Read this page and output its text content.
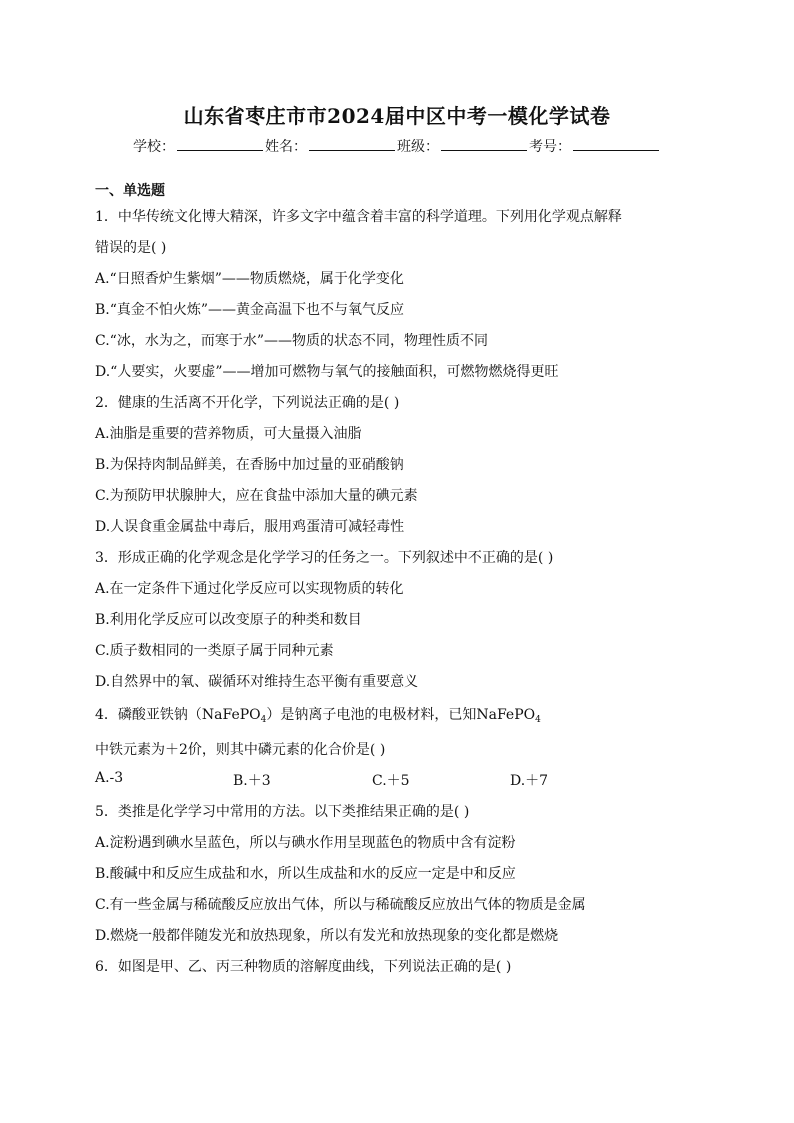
山东省枣庄市市2024届中区中考一模化学试卷
学校：	姓名：	班级：	考号：
一、单选题
1．中华传统文化博大精深，许多文字中蕴含着丰富的科学道理。下列用化学观点解释
错误的是( )
A.“日照香炉生紫烟”——物质燃烧，属于化学变化
B.“真金不怕火炼”——黄金高温下也不与氧气反应
C.“冰，水为之，而寒于水”——物质的状态不同，物理性质不同
D.“人要实，火要虚”——增加可燃物与氧气的接触面积，可燃物燃烧得更旺
2．健康的生活离不开化学，下列说法正确的是( )
A.油脂是重要的营养物质，可大量摄入油脂
B.为保持肉制品鲜美，在香肠中加过量的亚硝酸钠
C.为预防甲状腺肿大，应在食盐中添加大量的碘元素
D.人误食重金属盐中毒后，服用鸡蛋清可减轻毒性
3．形成正确的化学观念是化学学习的任务之一。下列叙述中不正确的是( )
A.在一定条件下通过化学反应可以实现物质的转化
B.利用化学反应可以改变原子的种类和数目
C.质子数相同的一类原子属于同种元素
D.自然界中的氧、碳循环对维持生态平衡有重要意义
4．磷酸亚铁钠（NaFePO$_4$）是钠离子电池的电极材料，已知NaFePO$_4$
中铁元素为＋2价，则其中磷元素的化合价是( )
A.-3	B.＋3	C.＋5	D.＋7
5．类推是化学学习中常用的方法。以下类推结果正确的是( )
A.淀粉遇到碘水呈蓝色，所以与碘水作用呈现蓝色的物质中含有淀粉
B.酸碱中和反应生成盐和水，所以生成盐和水的反应一定是中和反应
C.有一些金属与稀硫酸反应放出气体，所以与稀硫酸反应放出气体的物质是金属
D.燃烧一般都伴随发光和放热现象，所以有发光和放热现象的变化都是燃烧
6．如图是甲、乙、丙三种物质的溶解度曲线，下列说法正确的是( )
